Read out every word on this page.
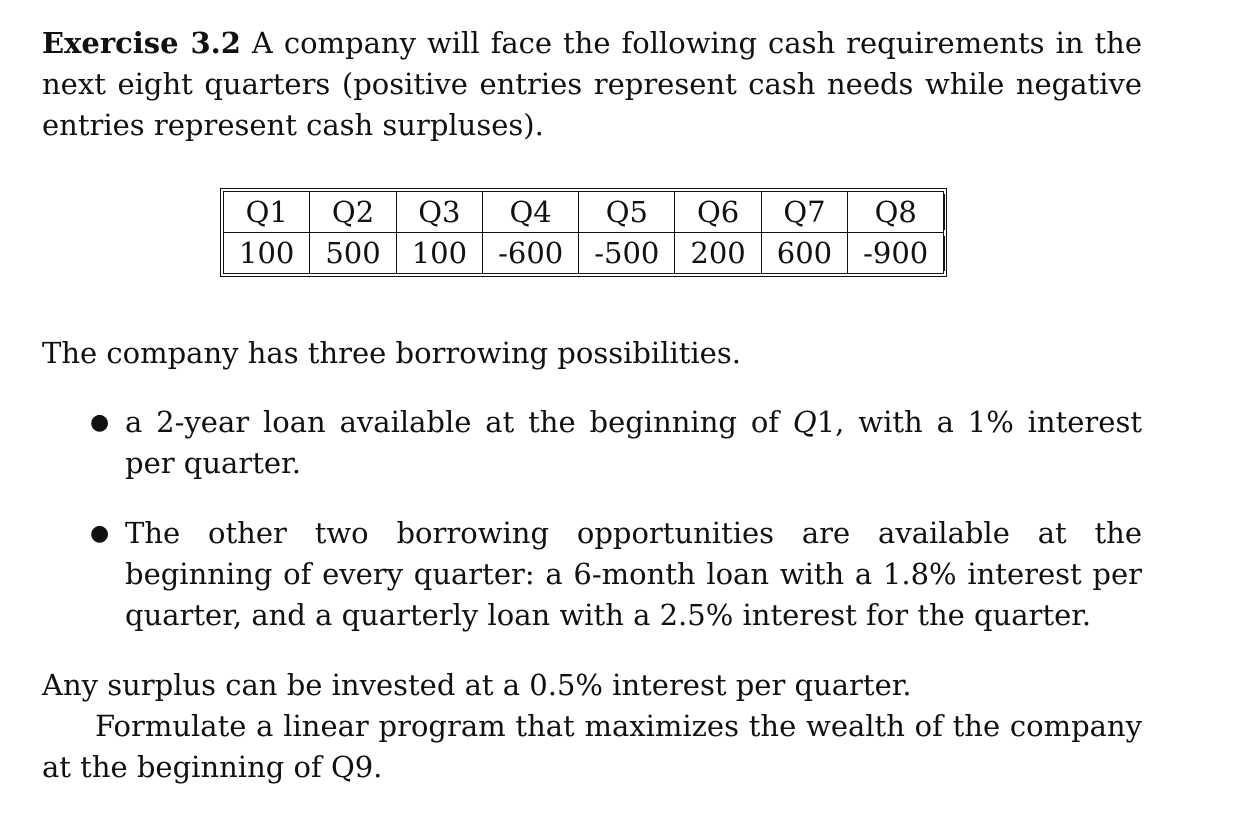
Exercise 3.2 A company will face the following cash requirements in the next eight quarters (positive entries represent cash needs while negative entries represent cash surpluses).

Q1	Q2	Q3	Q4	Q5	Q6	Q7	Q8
100	500	100	-600	-500	200	600	-900

The company has three borrowing possibilities.

● a 2-year loan available at the beginning of Q1, with a 1% interest per quarter.
● The other two borrowing opportunities are available at the beginning of every quarter: a 6-month loan with a 1.8% interest per quarter, and a quarterly loan with a 2.5% interest for the quarter.

Any surplus can be invested at a 0.5% interest per quarter.

Formulate a linear program that maximizes the wealth of the company at the beginning of Q9.
